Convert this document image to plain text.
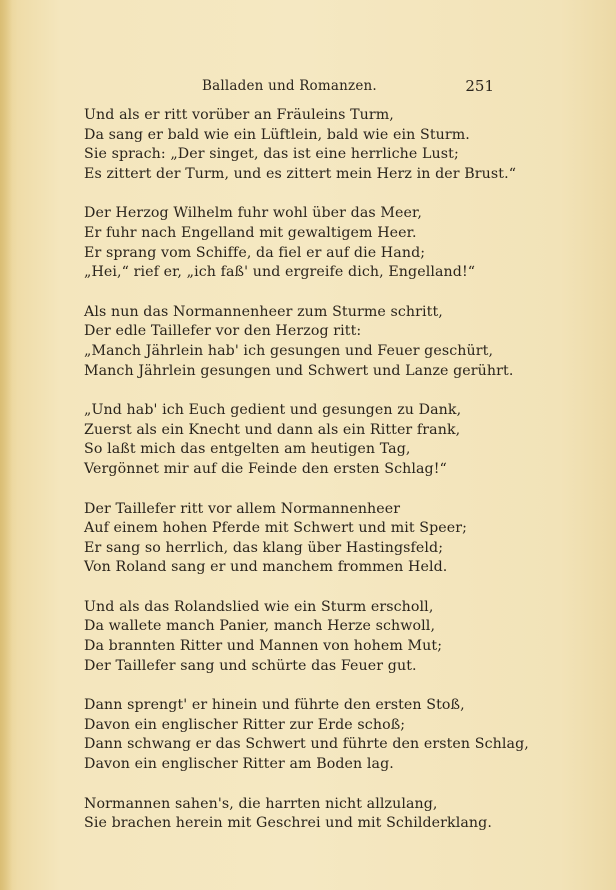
Balladen und Romanzen.	251
Und als er ritt vorüber an Fräuleins Turm,
Da sang er bald wie ein Lüftlein, bald wie ein Sturm.
Sie sprach: „Der singet, das ist eine herrliche Lust;
Es zittert der Turm, und es zittert mein Herz in der Brust.“
Der Herzog Wilhelm fuhr wohl über das Meer,
Er fuhr nach Engelland mit gewaltigem Heer.
Er sprang vom Schiffe, da fiel er auf die Hand;
„Hei,“ rief er, „ich faß' und ergreife dich, Engelland!“
Als nun das Normannenheer zum Sturme schritt,
Der edle Taillefer vor den Herzog ritt:
„Manch Jährlein hab' ich gesungen und Feuer geschürt,
Manch Jährlein gesungen und Schwert und Lanze gerührt.
„Und hab' ich Euch gedient und gesungen zu Dank,
Zuerst als ein Knecht und dann als ein Ritter frank,
So laßt mich das entgelten am heutigen Tag,
Vergönnet mir auf die Feinde den ersten Schlag!“
Der Taillefer ritt vor allem Normannenheer
Auf einem hohen Pferde mit Schwert und mit Speer;
Er sang so herrlich, das klang über Hastingsfeld;
Von Roland sang er und manchem frommen Held.
Und als das Rolandslied wie ein Sturm erscholl,
Da wallete manch Panier, manch Herze schwoll,
Da brannten Ritter und Mannen von hohem Mut;
Der Taillefer sang und schürte das Feuer gut.
Dann sprengt' er hinein und führte den ersten Stoß,
Davon ein englischer Ritter zur Erde schoß;
Dann schwang er das Schwert und führte den ersten Schlag,
Davon ein englischer Ritter am Boden lag.
Normannen sahen's, die harrten nicht allzulang,
Sie brachen herein mit Geschrei und mit Schilderklang.
